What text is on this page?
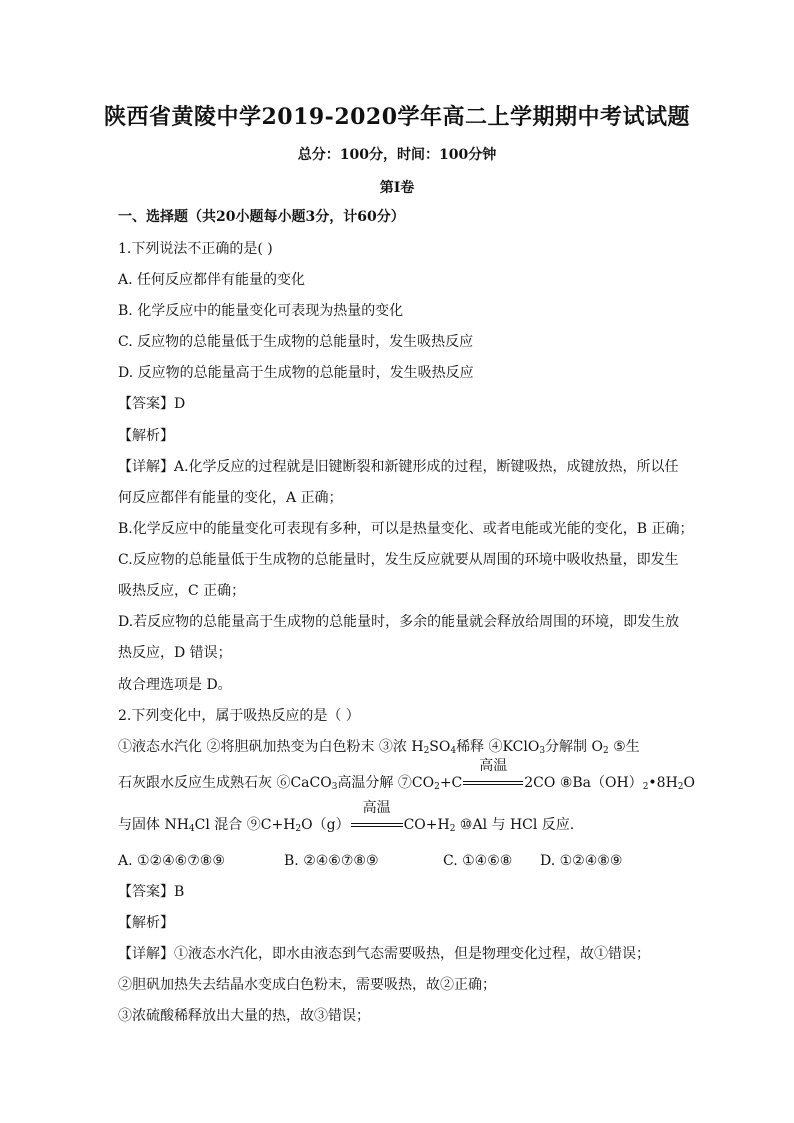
陕西省黄陵中学2019-2020学年高二上学期期中考试试题
总分：100分，时间：100分钟
第Ⅰ卷
一、选择题（共20小题每小题3分，计60分）
1.下列说法不正确的是( )
A. 任何反应都伴有能量的变化
B. 化学反应中的能量变化可表现为热量的变化
C. 反应物的总能量低于生成物的总能量时，发生吸热反应
D. 反应物的总能量高于生成物的总能量时，发生吸热反应
【答案】D
【解析】
【详解】A.化学反应的过程就是旧键断裂和新键形成的过程，断键吸热，成键放热，所以任
何反应都伴有能量的变化，A 正确；
B.化学反应中的能量变化可表现有多种，可以是热量变化、或者电能或光能的变化，B 正确；
C.反应物的总能量低于生成物的总能量时，发生反应就要从周围的环境中吸收热量，即发生
吸热反应，C 正确；
D.若反应物的总能量高于生成物的总能量时，多余的能量就会释放给周围的环境，即发生放
热反应，D 错误；
故合理选项是 D。
2.下列变化中，属于吸热反应的是（ ）
①液态水汽化 ②将胆矾加热变为白色粉末 ③浓 $H_2SO_4$稀释 ④KClO$_3$分解制 $O_2$ ⑤生
石灰跟水反应生成熟石灰 ⑥CaCO$_3$高温分解 $⑦CO_2+C$
高温
2CO $⑧Ba(OH)_2•8H_2O$
与固体 $NH_4Cl$ 混合 $⑨C+H_2O(g)$
高温
$CO+H_2$ ⑩Al 与 HCl 反应.
A. ①②④⑥⑦⑧⑨	B. ②④⑥⑦⑧⑨	C. ①④⑥⑧ D. ①②④⑧⑨
【答案】B
【解析】
【详解】①液态水汽化，即水由液态到气态需要吸热，但是物理变化过程，故①错误；
②胆矾加热失去结晶水变成白色粉末，需要吸热，故②正确；
③浓硫酸稀释放出大量的热，故③错误；
